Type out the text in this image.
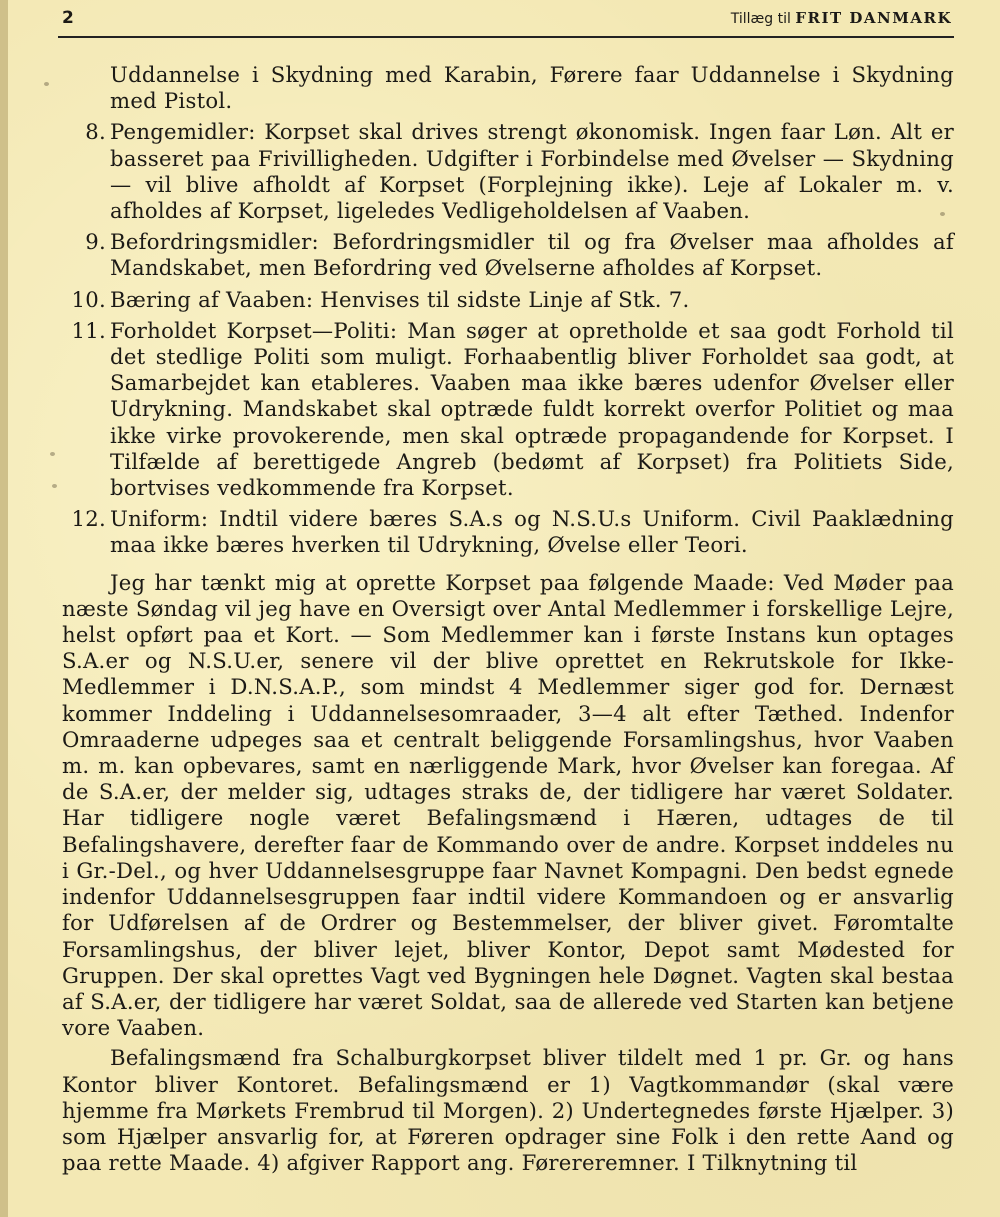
2	Tillæg til FRIT DANMARK

Uddannelse i Skydning med Karabin, Førere faar Uddannelse i Skydning med Pistol.

8. Pengemidler: Korpset skal drives strengt økonomisk. Ingen faar Løn. Alt er basseret paa Frivilligheden. Udgifter i Forbindelse med Øvelser — Skydning — vil blive afholdt af Korpset (Forplejning ikke). Leje af Lokaler m. v. afholdes af Korpset, ligeledes Vedligeholdelsen af Vaaben.
9. Befordringsmidler: Befordringsmidler til og fra Øvelser maa afholdes af Mandskabet, men Befordring ved Øvelserne afholdes af Korpset.
10. Bæring af Vaaben: Henvises til sidste Linje af Stk. 7.
11. Forholdet Korpset—Politi: Man søger at opretholde et saa godt Forhold til det stedlige Politi som muligt. Forhaabentlig bliver Forholdet saa godt, at Samarbejdet kan etableres. Vaaben maa ikke bæres udenfor Øvelser eller Udrykning. Mandskabet skal optræde fuldt korrekt overfor Politiet og maa ikke virke provokerende, men skal optræde propagandende for Korpset. I Tilfælde af berettigede Angreb (bedømt af Korpset) fra Politiets Side, bortvises vedkommende fra Korpset.
12. Uniform: Indtil videre bæres S.A.s og N.S.U.s Uniform. Civil Paaklædning maa ikke bæres hverken til Udrykning, Øvelse eller Teori.

Jeg har tænkt mig at oprette Korpset paa følgende Maade: Ved Møder paa næste Søndag vil jeg have en Oversigt over Antal Medlemmer i forskellige Lejre, helst opført paa et Kort. — Som Medlemmer kan i første Instans kun optages S.A.er og N.S.U.er, senere vil der blive oprettet en Rekrutskole for Ikke-Medlemmer i D.N.S.A.P., som mindst 4 Medlemmer siger god for. Dernæst kommer Inddeling i Uddannelsesomraader, 3—4 alt efter Tæthed. Indenfor Omraaderne udpeges saa et centralt beliggende Forsamlingshus, hvor Vaaben m. m. kan opbevares, samt en nærliggende Mark, hvor Øvelser kan foregaa. Af de S.A.er, der melder sig, udtages straks de, der tidligere har været Soldater. Har tidligere nogle været Befalingsmænd i Hæren, udtages de til Befalingshavere, derefter faar de Kommando over de andre. Korpset inddeles nu i Gr.-Del., og hver Uddannelsesgruppe faar Navnet Kompagni. Den bedst egnede indenfor Uddannelsesgruppen faar indtil videre Kommandoen og er ansvarlig for Udførelsen af de Ordrer og Bestemmelser, der bliver givet. Føromtalte Forsamlingshus, der bliver lejet, bliver Kontor, Depot samt Mødested for Gruppen. Der skal oprettes Vagt ved Bygningen hele Døgnet. Vagten skal bestaa af S.A.er, der tidligere har været Soldat, saa de allerede ved Starten kan betjene vore Vaaben.

Befalingsmænd fra Schalburgkorpset bliver tildelt med 1 pr. Gr. og hans Kontor bliver Kontoret. Befalingsmænd er 1) Vagtkommandør (skal være hjemme fra Mørkets Frembrud til Morgen). 2) Undertegnedes første Hjælper. 3) som Hjælper ansvarlig for, at Føreren opdrager sine Folk i den rette Aand og paa rette Maade. 4) afgiver Rapport ang. Førereremner. I Tilknytning til
